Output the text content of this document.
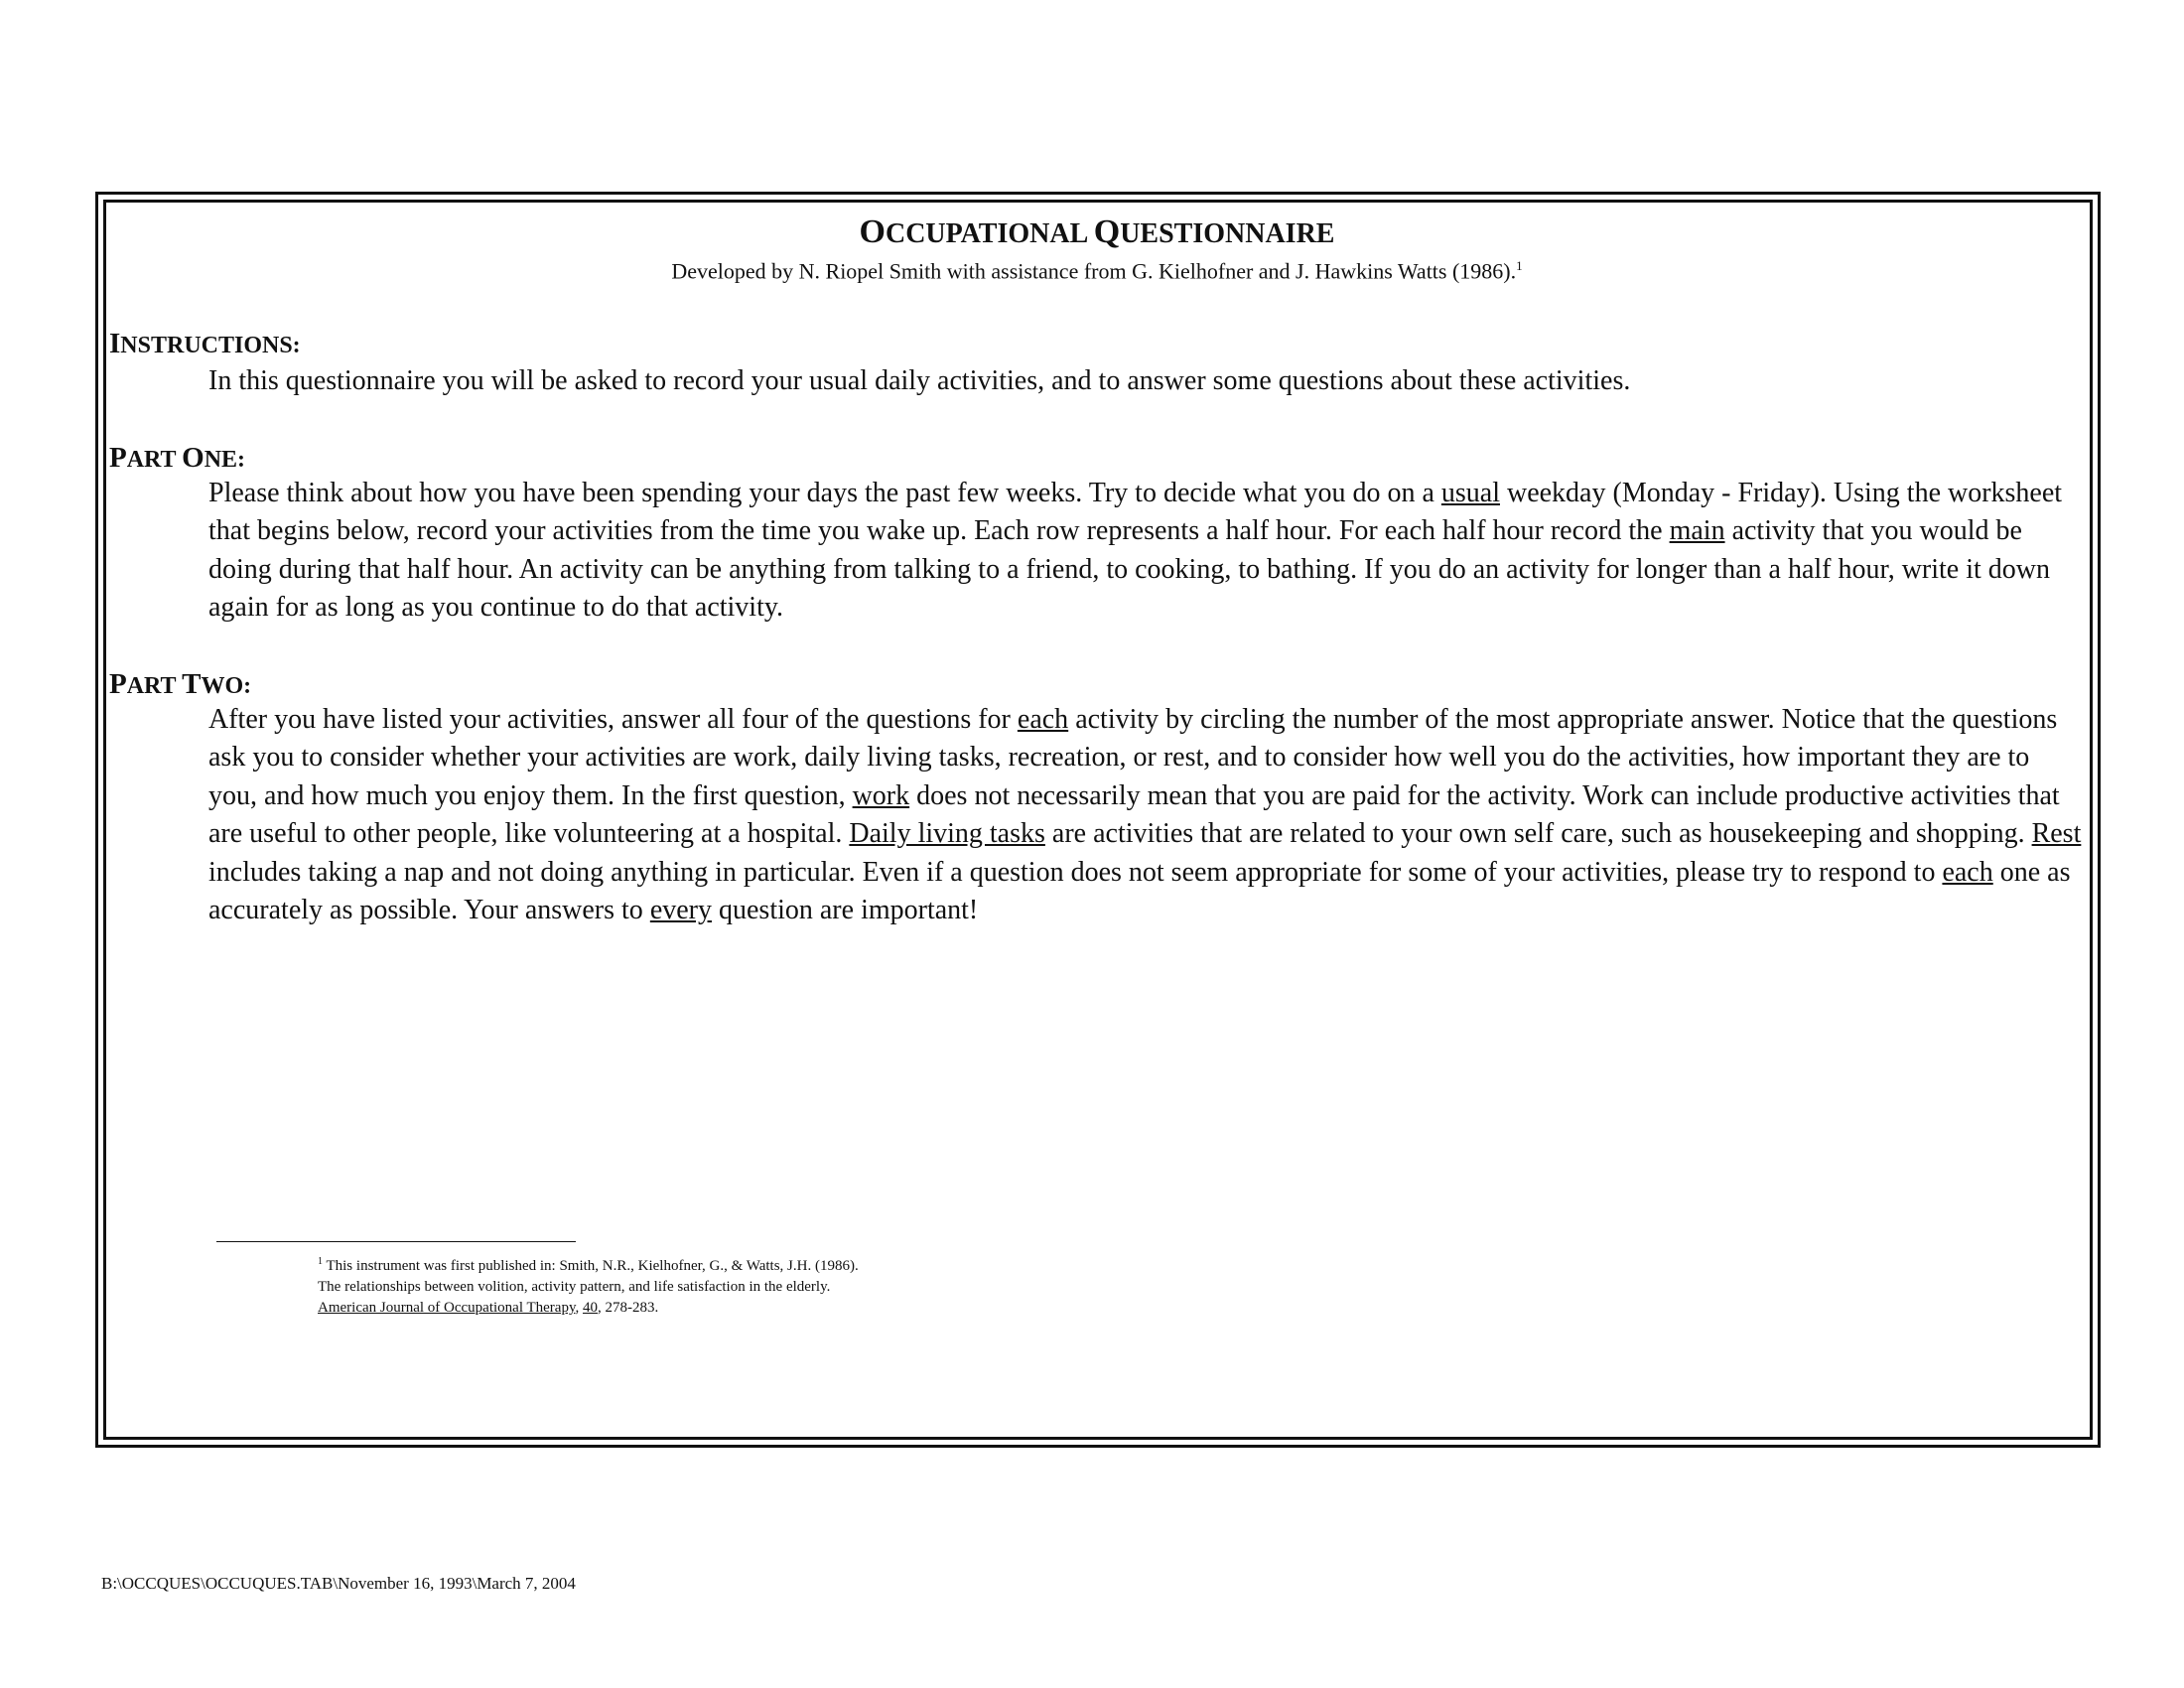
OCCUPATIONAL QUESTIONNAIRE

Developed by N. Riopel Smith with assistance from G. Kielhofner and J. Hawkins Watts (1986).$^1$

INSTRUCTIONS:

In this questionnaire you will be asked to record your usual daily activities, and to answer some questions about these activities.

PART ONE:

Please think about how you have been spending your days the past few weeks. Try to decide what you do on a usual weekday (Monday - Friday). Using the worksheet that begins below, record your activities from the time you wake up. Each row represents a half hour. For each half hour record the main activity that you would be doing during that half hour. An activity can be anything from talking to a friend, to cooking, to bathing. If you do an activity for longer than a half hour, write it down again for as long as you continue to do that activity.

PART TWO:

After you have listed your activities, answer all four of the questions for each activity by circling the number of the most appropriate answer. Notice that the questions ask you to consider whether your activities are work, daily living tasks, recreation, or rest, and to consider how well you do the activities, how important they are to you, and how much you enjoy them. In the first question, work does not necessarily mean that you are paid for the activity. Work can include productive activities that are useful to other people, like volunteering at a hospital. Daily living tasks are activities that are related to your own self care, such as housekeeping and shopping. Rest includes taking a nap and not doing anything in particular. Even if a question does not seem appropriate for some of your activities, please try to respond to each one as accurately as possible. Your answers to every question are important!

$^1$ This instrument was first published in: Smith, N.R., Kielhofner, G., & Watts, J.H. (1986).
The relationships between volition, activity pattern, and life satisfaction in the elderly.
American Journal of Occupational Therapy, 40, 278-283.
B:\OCCQUES\OCCUQUES.TAB\November 16, 1993\March 7, 2004
